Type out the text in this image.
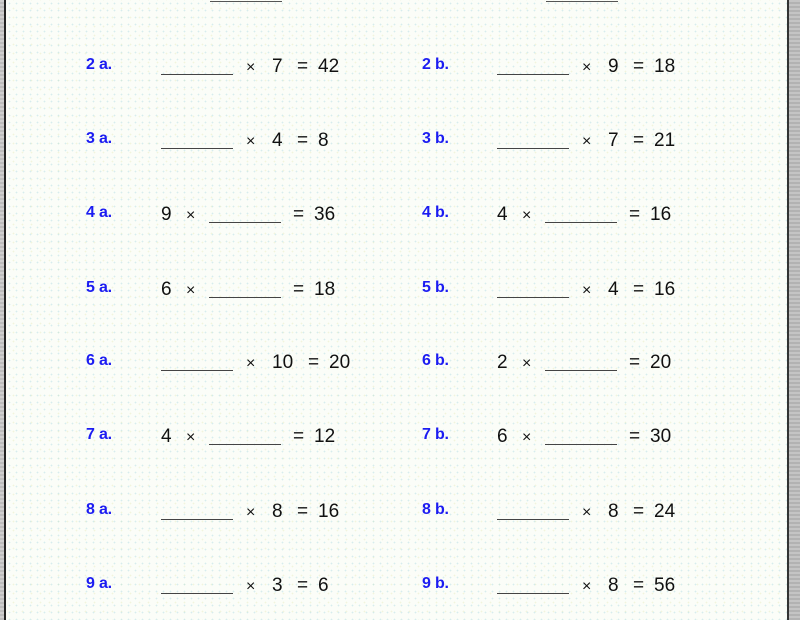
2 a.	× 7 = 42	2 b.	× 9 = 18
3 a.	× 4 = 8	3 b.	× 7 = 21
4 a.	9 ×	= 36	4 b.	4 ×	= 16
5 a.	6 ×	= 18	5 b.	× 4 = 16
6 a.	× 10 = 20	6 b.	2 ×	= 20
7 a.	4 ×	= 12	7 b.	6 ×	= 30
8 a.	× 8 = 16	8 b.	× 8 = 24
9 a.	× 3 = 6	9 b.	× 8 = 56
